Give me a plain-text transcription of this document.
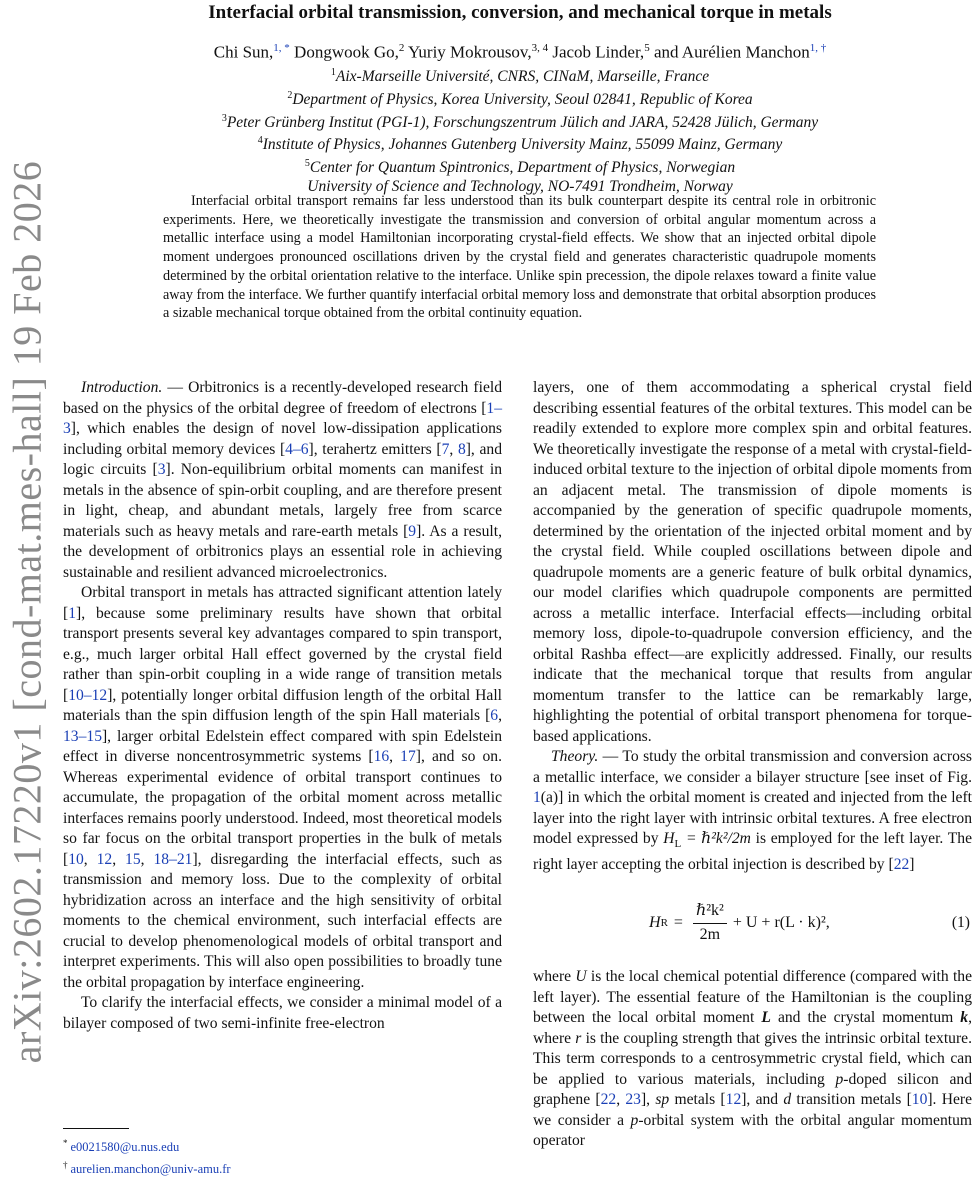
arXiv:2602.17220v1 [cond-mat.mes-hall] 19 Feb 2026
Interfacial orbital transmission, conversion, and mechanical torque in metals
Chi Sun,$^{1, *}$ Dongwook Go,$^2$ Yuriy Mokrousov,$^{3, 4}$ Jacob Linder,$^5$ and Aurélien Manchon$^{1, \dagger}$
$^1$Aix-Marseille Université, CNRS, CINaM, Marseille, France
$^2$Department of Physics, Korea University, Seoul 02841, Republic of Korea
$^3$Peter Grünberg Institut (PGI-1), Forschungszentrum Jülich and JARA, 52428 Jülich, Germany
$^4$Institute of Physics, Johannes Gutenberg University Mainz, 55099 Mainz, Germany
$^5$Center for Quantum Spintronics, Department of Physics, Norwegian
University of Science and Technology, NO-7491 Trondheim, Norway
Interfacial orbital transport remains far less understood than its bulk counterpart despite its central role in orbitronic experiments. Here, we theoretically investigate the transmission and conversion of orbital angular momentum across a metallic interface using a model Hamiltonian incorporating crystal-field effects. We show that an injected orbital dipole moment undergoes pronounced oscillations driven by the crystal field and generates characteristic quadrupole moments determined by the orbital orientation relative to the interface. Unlike spin precession, the dipole relaxes toward a finite value away from the interface. We further quantify interfacial orbital memory loss and demonstrate that orbital absorption produces a sizable mechanical torque obtained from the orbital continuity equation.

Introduction. — Orbitronics is a recently-developed research field based on the physics of the orbital degree of freedom of electrons [1–3], which enables the design of novel low-dissipation applications including orbital memory devices [4–6], terahertz emitters [7, 8], and logic circuits [3]. Non-equilibrium orbital moments can manifest in metals in the absence of spin-orbit coupling, and are therefore present in light, cheap, and abundant metals, largely free from scarce materials such as heavy metals and rare-earth metals [9]. As a result, the development of orbitronics plays an essential role in achieving sustainable and resilient advanced microelectronics.

Orbital transport in metals has attracted significant attention lately [1], because some preliminary results have shown that orbital transport presents several key advantages compared to spin transport, e.g., much larger orbital Hall effect governed by the crystal field rather than spin-orbit coupling in a wide range of transition metals [10–12], potentially longer orbital diffusion length of the orbital Hall materials than the spin diffusion length of the spin Hall materials [6, 13–15], larger orbital Edelstein effect compared with spin Edelstein effect in diverse noncentrosymmetric systems [16, 17], and so on. Whereas experimental evidence of orbital transport continues to accumulate, the propagation of the orbital moment across metallic interfaces remains poorly understood. Indeed, most theoretical models so far focus on the orbital transport properties in the bulk of metals [10, 12, 15, 18–21], disregarding the interfacial effects, such as transmission and memory loss. Due to the complexity of orbital hybridization across an interface and the high sensitivity of orbital moments to the chemical environment, such interfacial effects are crucial to develop phenomenological models of orbital transport and interpret experiments. This will also open possibilities to broadly tune the orbital propagation by interface engineering.

To clarify the interfacial effects, we consider a minimal model of a bilayer composed of two semi-infinite free-electron

layers, one of them accommodating a spherical crystal field describing essential features of the orbital textures. This model can be readily extended to explore more complex spin and orbital features. We theoretically investigate the response of a metal with crystal-field-induced orbital texture to the injection of orbital dipole moments from an adjacent metal. The transmission of dipole moments is accompanied by the generation of specific quadrupole moments, determined by the orientation of the injected orbital moment and by the crystal field. While coupled oscillations between dipole and quadrupole moments are a generic feature of bulk orbital dynamics, our model clarifies which quadrupole components are permitted across a metallic interface. Interfacial effects—including orbital memory loss, dipole-to-quadrupole conversion efficiency, and the orbital Rashba effect—are explicitly addressed. Finally, our results indicate that the mechanical torque that results from angular momentum transfer to the lattice can be remarkably large, highlighting the potential of orbital transport phenomena for torque-based applications.

Theory. — To study the orbital transmission and conversion across a metallic interface, we consider a bilayer structure [see inset of Fig. 1(a)] in which the orbital moment is created and injected from the left layer into the right layer with intrinsic orbital textures. A free electron model expressed by $H_L$ = ℏ²k²/2m is employed for the left layer. The right layer accepting the orbital injection is described by [22]

H $R = \frac{\text{ℏ²k²}}{2m} + U + r(L \cdot k)^2$,	(1)

where U is the local chemical potential difference (compared with the left layer). The essential feature of the Hamiltonian is the coupling between the local orbital moment L and the crystal momentum k, where r is the coupling strength that gives the intrinsic orbital texture. This term corresponds to a centrosymmetric crystal field, which can be applied to various materials, including p-doped silicon and graphene [22, 23], sp metals [12], and d transition metals [10]. Here we consider a p-orbital system with the orbital angular momentum operator

* e0021580@u.nus.edu
† aurelien.manchon@univ-amu.fr
